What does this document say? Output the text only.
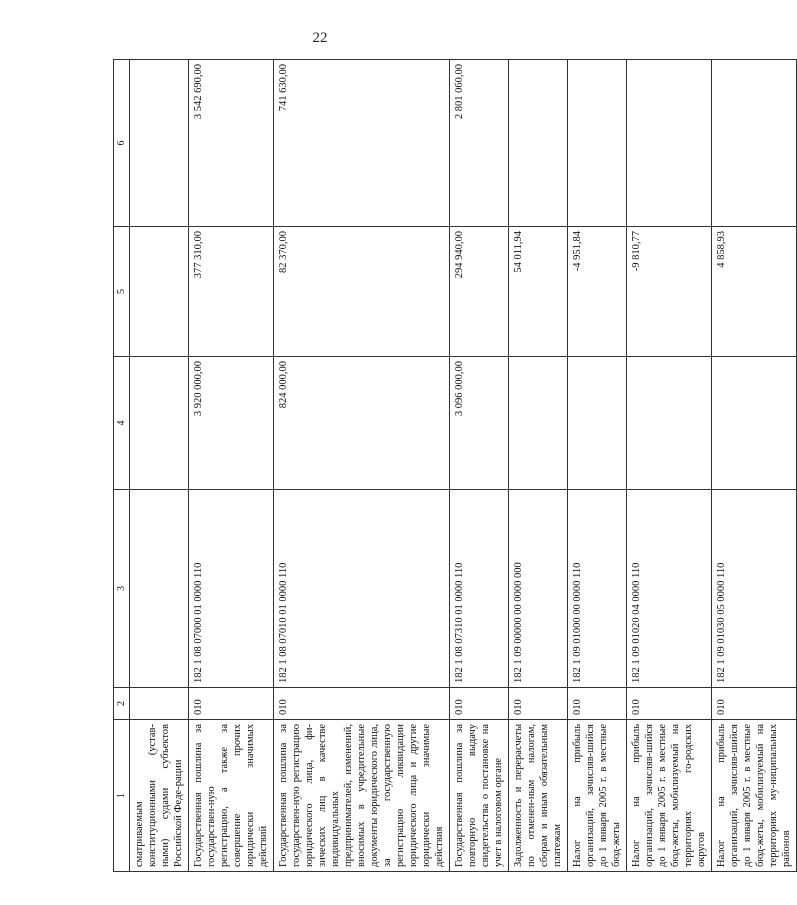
22
1	2	3	4	5	6
сматриваемым конституционными (устав-ными) судами субъектов Российской Феде-рации					
Государственная пошлина за государствен-ную регистрацию, а также за совершение прочих юридически значимых действий	010	182 1 08 07000 01 0000 110	3 920 000,00	377 310,00	3 542 690,00
Государственная пошлина за государствен-ную регистрацию юридического лица, фи-зических лиц в качестве индивидуальных предпринимателей, изменений, вносимых в учредительные документы юридического лица, за государственную регистрацию ликвидации юридического лица и другие юридически значимые действия	010	182 1 08 07010 01 0000 110	824 000,00	82 370,00	741 630,00
Государственная пошлина за повторную выдачу свидетельства о постановке на учет в налоговом органе	010	182 1 08 07310 01 0000 110	3 096 000,00	294 940,00	2 801 060,00
Задолженность и перерасчеты по отменен-ным налогам, сборам и иным обязательным платежам	010	182 1 09 00000 00 0000 000		54 011,94	
Налог на прибыль организаций, зачисляв-шийся до 1 января 2005 г. в местные бюд-жеты	010	182 1 09 01000 00 0000 110		-4 951,84	
Налог на прибыль организаций, зачисляв-шийся до 1 января 2005 г. в местные бюд-жеты, мобилизуемый на территориях го-родских округов	010	182 1 09 01020 04 0000 110		-9 810,77	
Налог на прибыль организаций, зачисляв-шийся до 1 января 2005 г. в местные бюд-жеты, мобилизуемый на территориях му-ниципальных районов	010	182 1 09 01030 05 0000 110		4 858,93	
